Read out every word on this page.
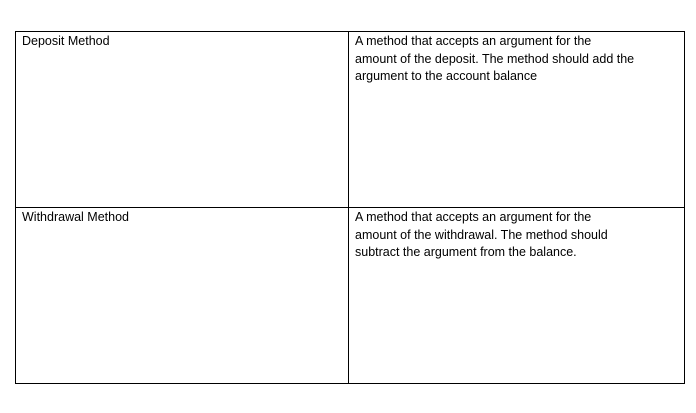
Deposit Method	A method that accepts an argument for the
amount of the deposit. The method should add the
argument to the account balance
Withdrawal Method	A method that accepts an argument for the
amount of the withdrawal. The method should
subtract the argument from the balance.
